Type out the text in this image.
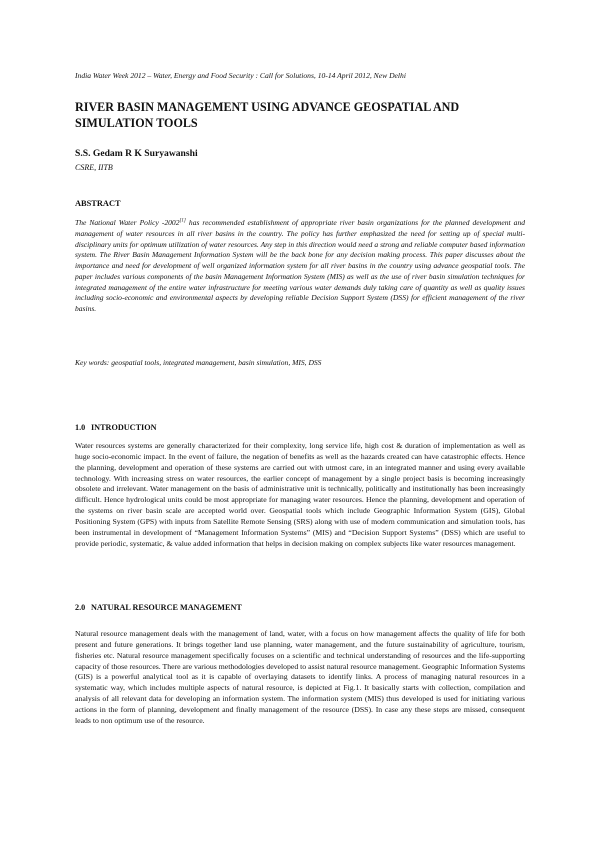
India Water Week 2012 – Water, Energy and Food Security : Call for Solutions, 10-14 April 2012, New Delhi
RIVER BASIN MANAGEMENT USING ADVANCE GEOSPATIAL AND SIMULATION TOOLS
S.S. Gedam R K Suryawanshi
CSRE, IITB
ABSTRACT

The National Water Policy -2002[1] has recommended establishment of appropriate river basin organizations for the planned development and management of water resources in all river basins in the country. The policy has further emphasized the need for setting up of special multi-disciplinary units for optimum utilization of water resources. Any step in this direction would need a strong and reliable computer based information system. The River Basin Management Information System will be the back bone for any decision making process. This paper discusses about the importance and need for development of well organized information system for all river basins in the country using advance geospatial tools. The paper includes various components of the basin Management Information System (MIS) as well as the use of river basin simulation techniques for integrated management of the entire water infrastructure for meeting various water demands duly taking care of quantity as well as quality issues including socio-economic and environmental aspects by developing reliable Decision Support System (DSS) for efficient management of the river basins.

Key words: geospatial tools, integrated management, basin simulation, MIS, DSS
1.0 INTRODUCTION

Water resources systems are generally characterized for their complexity, long service life, high cost & duration of implementation as well as huge socio-economic impact. In the event of failure, the negation of benefits as well as the hazards created can have catastrophic effects. Hence the planning, development and operation of these systems are carried out with utmost care, in an integrated manner and using every available technology. With increasing stress on water resources, the earlier concept of management by a single project basis is becoming increasingly obsolete and irrelevant. Water management on the basis of administrative unit is technically, politically and institutionally has been increasingly difficult. Hence hydrological units could be most appropriate for managing water resources. Hence the planning, development and operation of the systems on river basin scale are accepted world over. Geospatial tools which include Geographic Information System (GIS), Global Positioning System (GPS) with inputs from Satellite Remote Sensing (SRS) along with use of modern communication and simulation tools, has been instrumental in development of “Management Information Systems” (MIS) and “Decision Support Systems” (DSS) which are useful to provide periodic, systematic, & value added information that helps in decision making on complex subjects like water resources management.

2.0 NATURAL RESOURCE MANAGEMENT

Natural resource management deals with the management of land, water, with a focus on how management affects the quality of life for both present and future generations. It brings together land use planning, water management, and the future sustainability of agriculture, tourism, fisheries etc. Natural resource management specifically focuses on a scientific and technical understanding of resources and the life-supporting capacity of those resources. There are various methodologies developed to assist natural resource management. Geographic Information Systems (GIS) is a powerful analytical tool as it is capable of overlaying datasets to identify links. A process of managing natural resources in a systematic way, which includes multiple aspects of natural resource, is depicted at Fig.1. It basically starts with collection, compilation and analysis of all relevant data for developing an information system. The information system (MIS) thus developed is used for initiating various actions in the form of planning, development and finally management of the resource (DSS). In case any these steps are missed, consequent leads to non optimum use of the resource.
